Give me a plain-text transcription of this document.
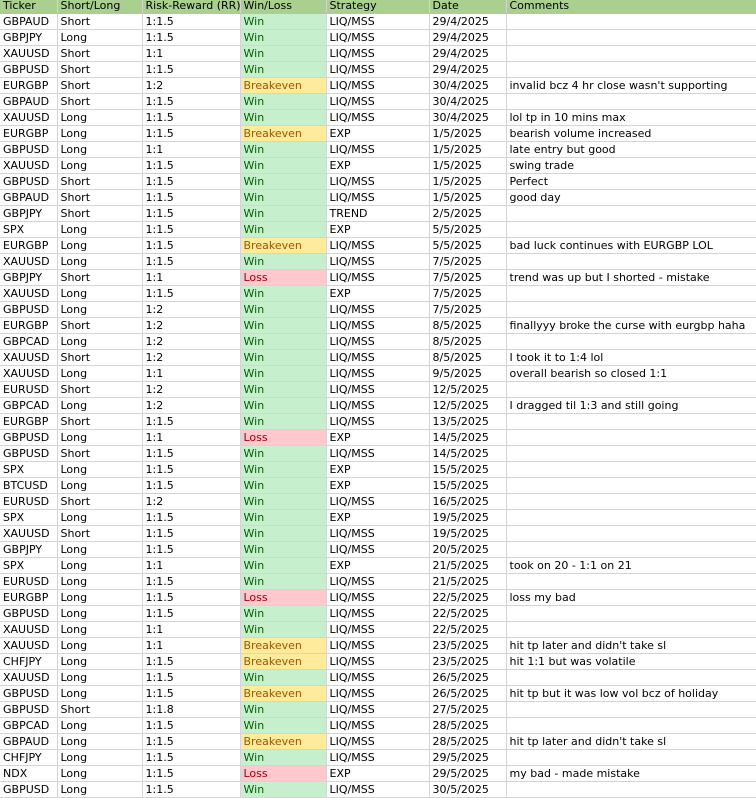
Ticker	Short/Long	Risk-Reward (RR)	Win/Loss	Strategy	Date	Comments
GBPAUD	Short	1:1.5	Win	LIQ/MSS	29/4/2025	
GBPJPY	Long	1:1.5	Win	LIQ/MSS	29/4/2025	
XAUUSD	Short	1:1	Win	LIQ/MSS	29/4/2025	
GBPUSD	Short	1:1.5	Win	LIQ/MSS	29/4/2025	
EURGBP	Short	1:2	Breakeven	LIQ/MSS	30/4/2025	invalid bcz 4 hr close wasn't supporting
GBPAUD	Short	1:1.5	Win	LIQ/MSS	30/4/2025	
XAUUSD	Long	1:1.5	Win	LIQ/MSS	30/4/2025	lol tp in 10 mins max
EURGBP	Long	1:1.5	Breakeven	EXP	1/5/2025	bearish volume increased
GBPUSD	Long	1:1	Win	LIQ/MSS	1/5/2025	late entry but good
XAUUSD	Long	1:1.5	Win	EXP	1/5/2025	swing trade
GBPUSD	Short	1:1.5	Win	LIQ/MSS	1/5/2025	Perfect
GBPAUD	Short	1:1.5	Win	LIQ/MSS	1/5/2025	good day
GBPJPY	Short	1:1.5	Win	TREND	2/5/2025	
SPX	Long	1:1.5	Win	EXP	5/5/2025	
EURGBP	Long	1:1.5	Breakeven	LIQ/MSS	5/5/2025	bad luck continues with EURGBP LOL
XAUUSD	Long	1:1.5	Win	LIQ/MSS	7/5/2025	
GBPJPY	Short	1:1	Loss	LIQ/MSS	7/5/2025	trend was up but I shorted - mistake
XAUUSD	Long	1:1.5	Win	EXP	7/5/2025	
GBPUSD	Long	1:2	Win	LIQ/MSS	7/5/2025	
EURGBP	Short	1:2	Win	LIQ/MSS	8/5/2025	finallyyy broke the curse with eurgbp haha
GBPCAD	Long	1:2	Win	LIQ/MSS	8/5/2025	
XAUUSD	Short	1:2	Win	LIQ/MSS	8/5/2025	I took it to 1:4 lol
XAUUSD	Long	1:1	Win	LIQ/MSS	9/5/2025	overall bearish so closed 1:1
EURUSD	Short	1:2	Win	LIQ/MSS	12/5/2025	
GBPCAD	Long	1:2	Win	LIQ/MSS	12/5/2025	I dragged til 1:3 and still going
EURGBP	Short	1:1.5	Win	LIQ/MSS	13/5/2025	
GBPUSD	Long	1:1	Loss	EXP	14/5/2025	
GBPUSD	Short	1:1.5	Win	LIQ/MSS	14/5/2025	
SPX	Long	1:1.5	Win	EXP	15/5/2025	
BTCUSD	Long	1:1.5	Win	EXP	15/5/2025	
EURUSD	Short	1:2	Win	LIQ/MSS	16/5/2025	
SPX	Long	1:1.5	Win	EXP	19/5/2025	
XAUUSD	Short	1:1.5	Win	LIQ/MSS	19/5/2025	
GBPJPY	Long	1:1.5	Win	LIQ/MSS	20/5/2025	
SPX	Long	1:1	Win	EXP	21/5/2025	took on 20 - 1:1 on 21
EURUSD	Long	1:1.5	Win	LIQ/MSS	21/5/2025	
EURGBP	Long	1:1.5	Loss	LIQ/MSS	22/5/2025	loss my bad
GBPUSD	Long	1:1.5	Win	LIQ/MSS	22/5/2025	
XAUUSD	Long	1:1	Win	LIQ/MSS	22/5/2025	
XAUUSD	Long	1:1	Breakeven	LIQ/MSS	23/5/2025	hit tp later and didn't take sl
CHFJPY	Long	1:1.5	Breakeven	LIQ/MSS	23/5/2025	hit 1:1 but was volatile
XAUUSD	Long	1:1.5	Win	LIQ/MSS	26/5/2025	
GBPUSD	Long	1:1.5	Breakeven	LIQ/MSS	26/5/2025	hit tp but it was low vol bcz of holiday
GBPUSD	Short	1:1.8	Win	LIQ/MSS	27/5/2025	
GBPCAD	Long	1:1.5	Win	LIQ/MSS	28/5/2025	
GBPAUD	Long	1:1.5	Breakeven	LIQ/MSS	28/5/2025	hit tp later and didn't take sl
CHFJPY	Long	1:1.5	Win	LIQ/MSS	29/5/2025	
NDX	Long	1:1.5	Loss	EXP	29/5/2025	my bad - made mistake
GBPUSD	Long	1:1.5	Win	LIQ/MSS	30/5/2025	
